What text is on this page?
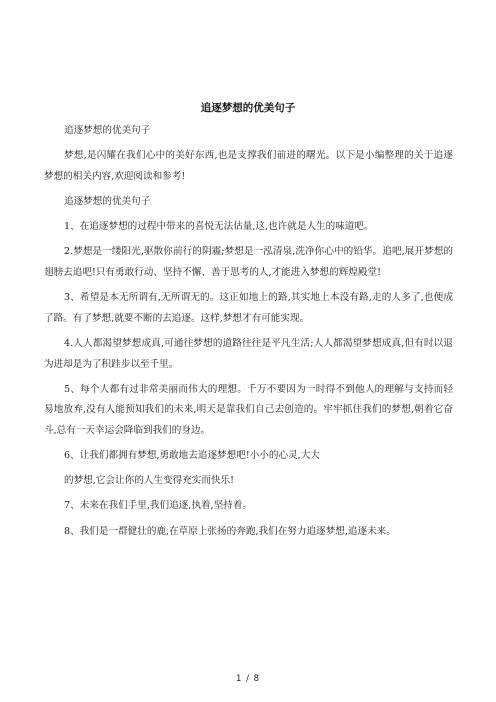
追逐梦想的优美句子

追逐梦想的优美句子

梦想,是闪耀在我们心中的美好东西,也是支撑我们前进的曙光。以下是小编整理的关于追逐梦想的相关内容,欢迎阅读和参考!

追逐梦想的优美句子

1、在追逐梦想的过程中带来的喜悦无法估量,这,也许就是人生的味道吧。

2.梦想是一缕阳光,驱散你前行的阴霾;梦想是一泓清泉,洗净你心中的铅华。追吧,展开梦想的翅膀去追吧!只有勇敢行动、坚持不懈、善于思考的人,才能进入梦想的辉煌殿堂!

3、希望是本无所谓有,无所谓无的。这正如地上的路,其实地上本没有路,走的人多了,也便成了路。有了梦想,就要不断的去追逐。这样,梦想才有可能实现。

4.人人都渴望梦想成真,可通往梦想的道路往往是平凡生活;人人都渴望梦想成真,但有时以退为进却是为了积跬步以至千里。

5、每个人都有过非常美丽而伟大的理想。千万不要因为一时得不到他人的理解与支持而轻易地放弃,没有人能预知我们的未来,明天是靠我们自己去创造的。牢牢抓住我们的梦想,朝着它奋斗,总有一天幸运会降临到我们的身边。

6、让我们都拥有梦想,勇敢地去追逐梦想吧!小小的心灵,大大

的梦想,它会让你的人生变得充实而快乐!

7、未来在我们手里,我们追逐,执着,坚持着。

8、我们是一群健壮的鹿,在草原上张扬的奔跑,我们在努力追逐梦想,追逐未来。

1 / 8
